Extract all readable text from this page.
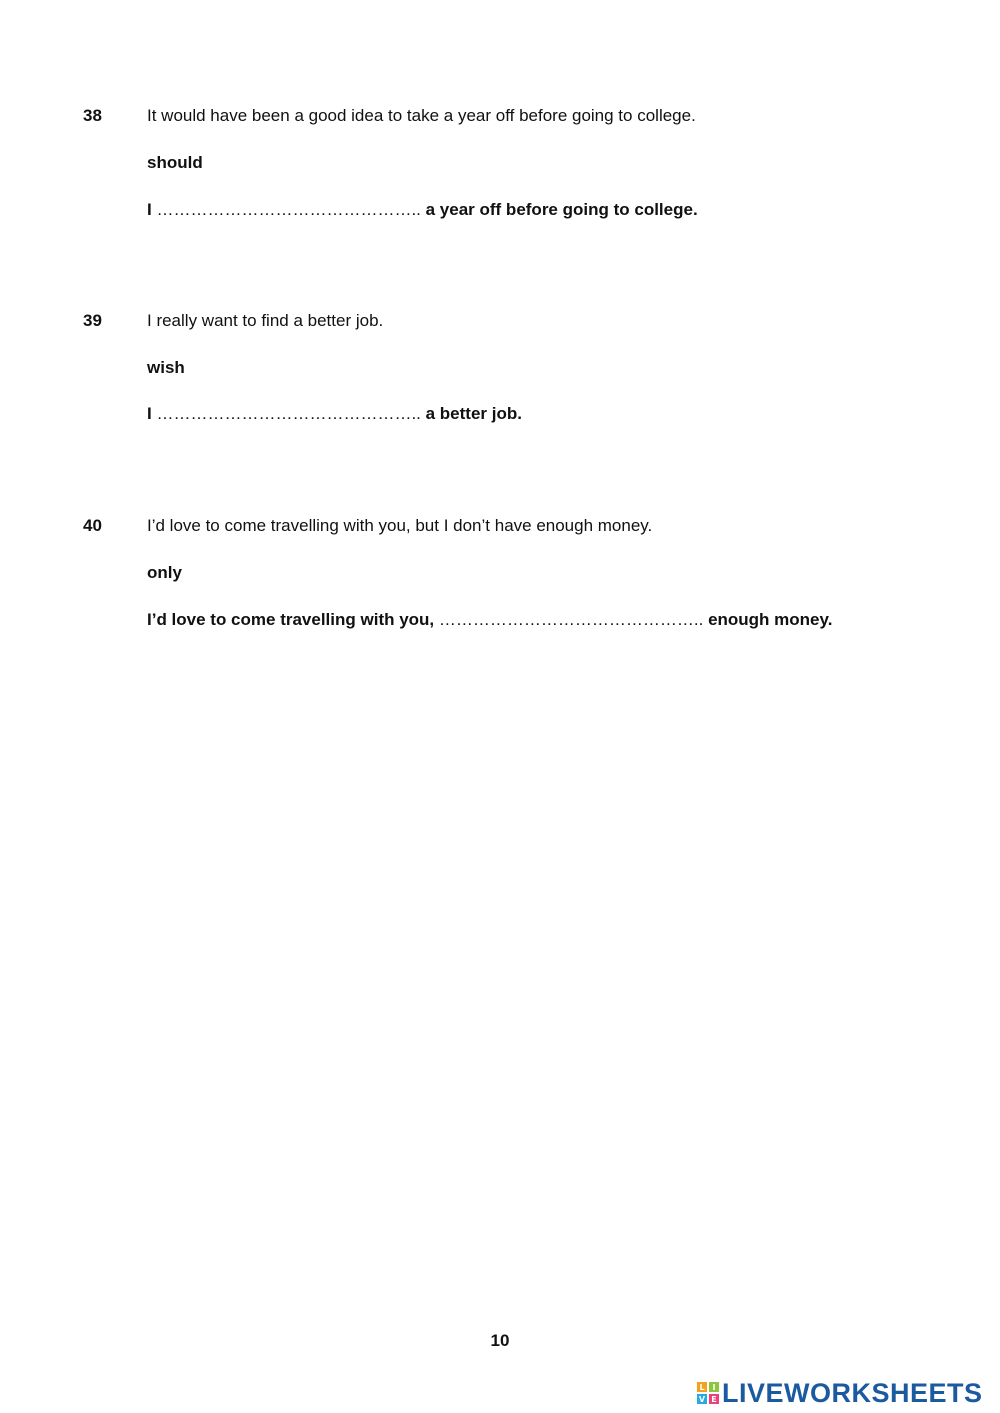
38	It would have been a good idea to take a year off before going to college.
should
I ……………………………………….. a year off before going to college.
39	I really want to find a better job.
wish
I ……………………………………….. a better job.
40	I’d love to come travelling with you, but I don’t have enough money.
only
I’d love to come travelling with you, ……………………………………….. enough money.
10
L I
V E LIVEWORKSHEETS
